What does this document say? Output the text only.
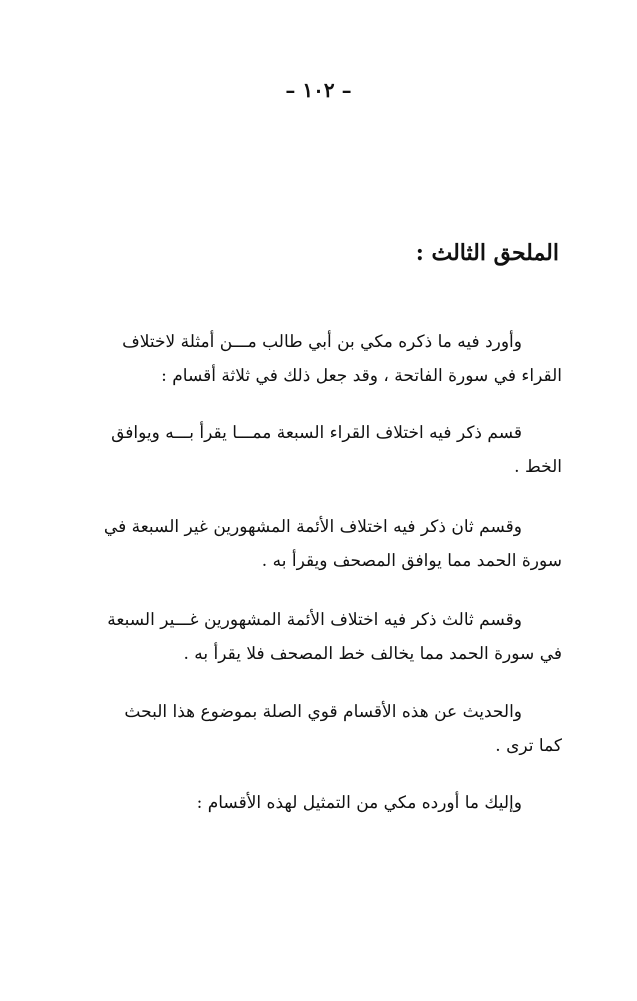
– ١٠٢ –
الملحق الثالث :
وأورد فيه ما ذكره مكي بن أبي طالب مـــن أمثلة لاختلاف
القراء في سورة الفاتحة ، وقد جعل ذلك في ثلاثة أقسام :
قسم ذكر فيه اختلاف القراء السبعة ممـــا يقرأ بـــه ويوافق
الخط .
وقسم ثان ذكر فيه اختلاف الأئمة المشهورين غير السبعة في
سورة الحمد مما يوافق المصحف ويقرأ به .
وقسم ثالث ذكر فيه اختلاف الأئمة المشهورين غـــير السبعة
في سورة الحمد مما يخالف خط المصحف فلا يقرأ به .
والحديث عن هذه الأقسام قوي الصلة بموضوع هذا البحث
كما ترى .
وإليك ما أورده مكي من التمثيل لهذه الأقسام :
